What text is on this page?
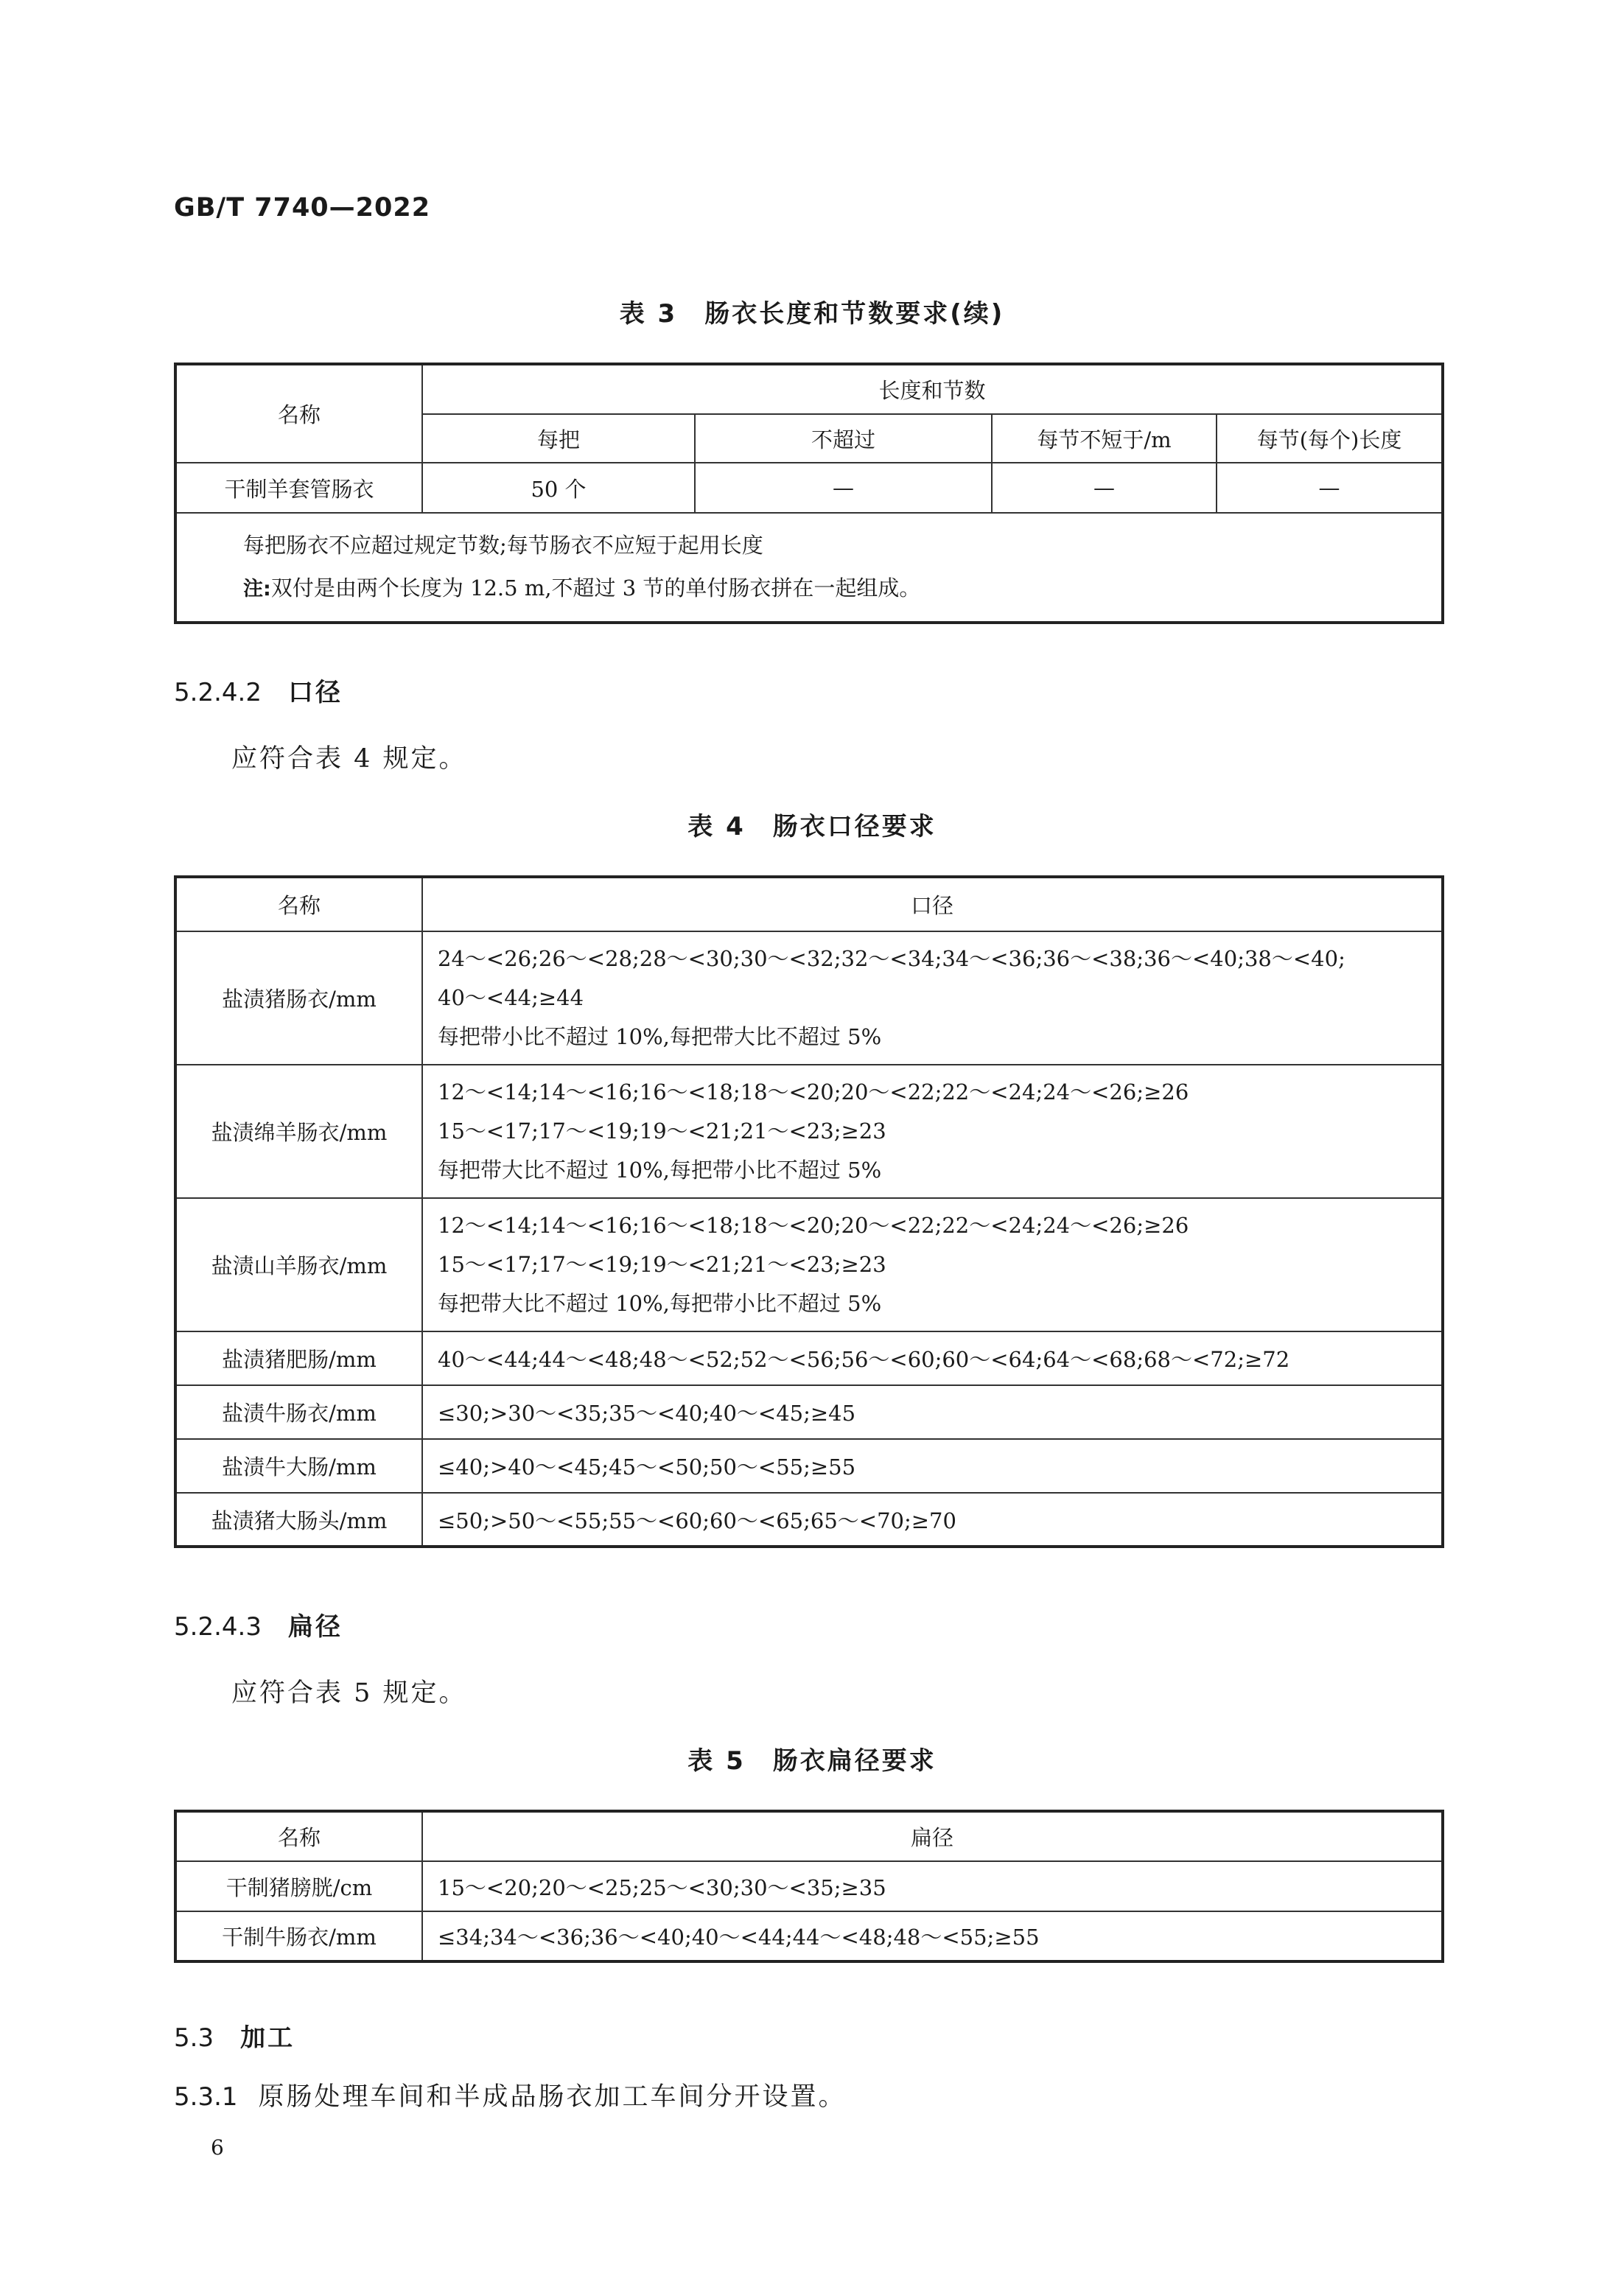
GB/T 7740—2022
表 3　肠衣长度和节数要求(续)
名称	长度和节数			
	每把	不超过	每节不短于/m	每节(每个)长度
干制羊套管肠衣	50 个	—	—	—

每把肠衣不应超过规定节数;每节肠衣不应短于起用长度
注:双付是由两个长度为 12.5 m,不超过 3 节的单付肠衣拼在一起组成。				
5.2.4.2 口径
应符合表 4 规定。
表 4　肠衣口径要求
名称	口径
盐渍猪肠衣/mm	24～<26;26～<28;28～<30;30～<32;32～<34;34～<36;36～<38;36～<40;38～<40;
40～<44;≥44
每把带小比不超过 10%,每把带大比不超过 5%

盐渍绵羊肠衣/mm	12～<14;14～<16;16～<18;18～<20;20～<22;22～<24;24～<26;≥26
15～<17;17～<19;19～<21;21～<23;≥23
每把带大比不超过 10%,每把带小比不超过 5%

盐渍山羊肠衣/mm	12～<14;14～<16;16～<18;18～<20;20～<22;22～<24;24～<26;≥26
15～<17;17～<19;19～<21;21～<23;≥23
每把带大比不超过 10%,每把带小比不超过 5%

盐渍猪肥肠/mm	40～<44;44～<48;48～<52;52～<56;56～<60;60～<64;64～<68;68～<72;≥72
盐渍牛肠衣/mm	≤30;>30～<35;35～<40;40～<45;≥45
盐渍牛大肠/mm	≤40;>40～<45;45～<50;50～<55;≥55
盐渍猪大肠头/mm	≤50;>50～<55;55～<60;60～<65;65～<70;≥70
5.2.4.3 扁径
应符合表 5 规定。
表 5　肠衣扁径要求
名称	扁径
干制猪膀胱/cm	15～<20;20～<25;25～<30;30～<35;≥35
干制牛肠衣/mm	≤34;34～<36;36～<40;40～<44;44～<48;48～<55;≥55
5.3 加工
5.3.1 原肠处理车间和半成品肠衣加工车间分开设置。
6
